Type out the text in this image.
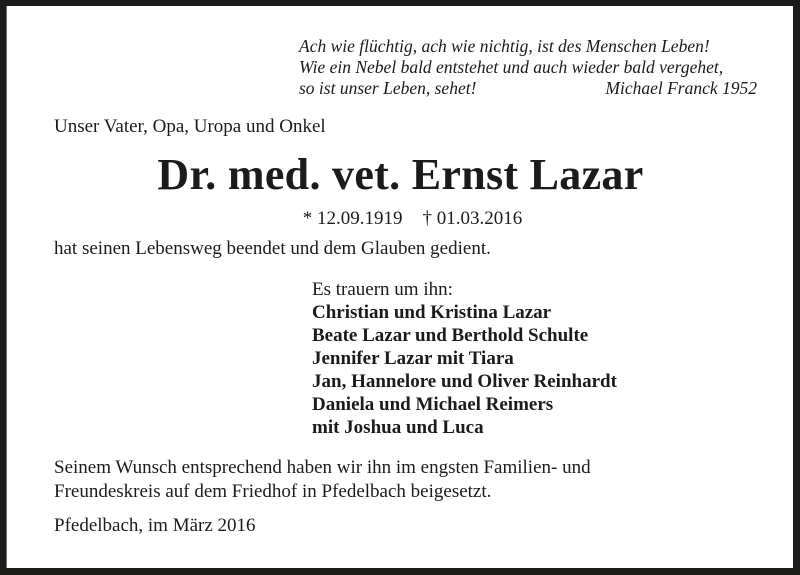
Ach wie flüchtig, ach wie nichtig, ist des Menschen Leben!
Wie ein Nebel bald entstehet und auch wieder bald vergehet,
so ist unser Leben, sehet!	Michael Franck 1952
Unser Vater, Opa, Uropa und Onkel
Dr. med. vet. Ernst Lazar
* 12.09.1919 † 01.03.2016
hat seinen Lebensweg beendet und dem Glauben gedient.
Es trauern um ihn:
Christian und Kristina Lazar
Beate Lazar und Berthold Schulte
Jennifer Lazar mit Tiara
Jan, Hannelore und Oliver Reinhardt
Daniela und Michael Reimers
mit Joshua und Luca
Seinem Wunsch entsprechend haben wir ihn im engsten Familien- und
Freundeskreis auf dem Friedhof in Pfedelbach beigesetzt.
Pfedelbach, im März 2016
